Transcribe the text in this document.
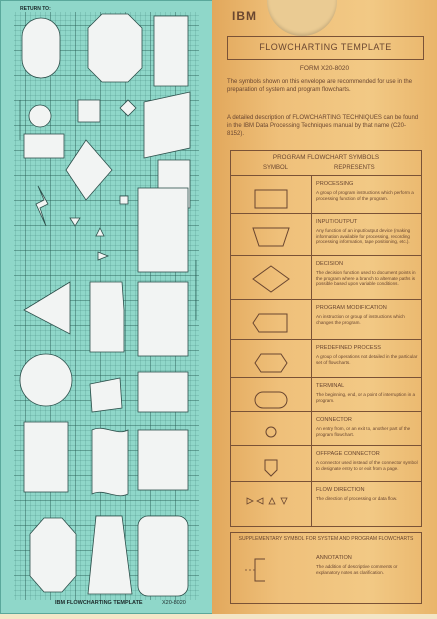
RETURN TO:
IBM FLOWCHARTING TEMPLATE	X20-8020
IBM
FLOWCHARTING TEMPLATE
FORM X20-8020
The symbols shown on this envelope are recommended for use in the preparation of system and program flowcharts.
A detailed description of FLOWCHARTING TECHNIQUES can be found in the IBM Data Processing Techniques manual by that name (C20-8152).
PROGRAM FLOWCHART SYMBOLS
SYMBOL	REPRESENTS
PROCESSING
A group of program instructions which perform a processing function of the program.
INPUT/OUTPUT
Any function of an input/output device (making information available for processing, recording processing information, tape positioning, etc.).
DECISION
The decision function used to document points in the program where a branch to alternate paths is possible based upon variable conditions.
PROGRAM MODIFICATION
An instruction or group of instructions which changes the program.
PREDEFINED PROCESS
A group of operations not detailed in the particular set of flowcharts.
TERMINAL
The beginning, end, or a point of interruption in a program.
CONNECTOR
An entry from, or an exit to, another part of the program flowchart.
OFFPAGE CONNECTOR
A connector used instead of the connector symbol to designate entry to or exit from a page.
FLOW DIRECTION
The direction of processing or data flow.
SUPPLEMENTARY SYMBOL FOR SYSTEM AND PROGRAM FLOWCHARTS
ANNOTATION
The addition of descriptive comments or explanatory notes as clarification.
